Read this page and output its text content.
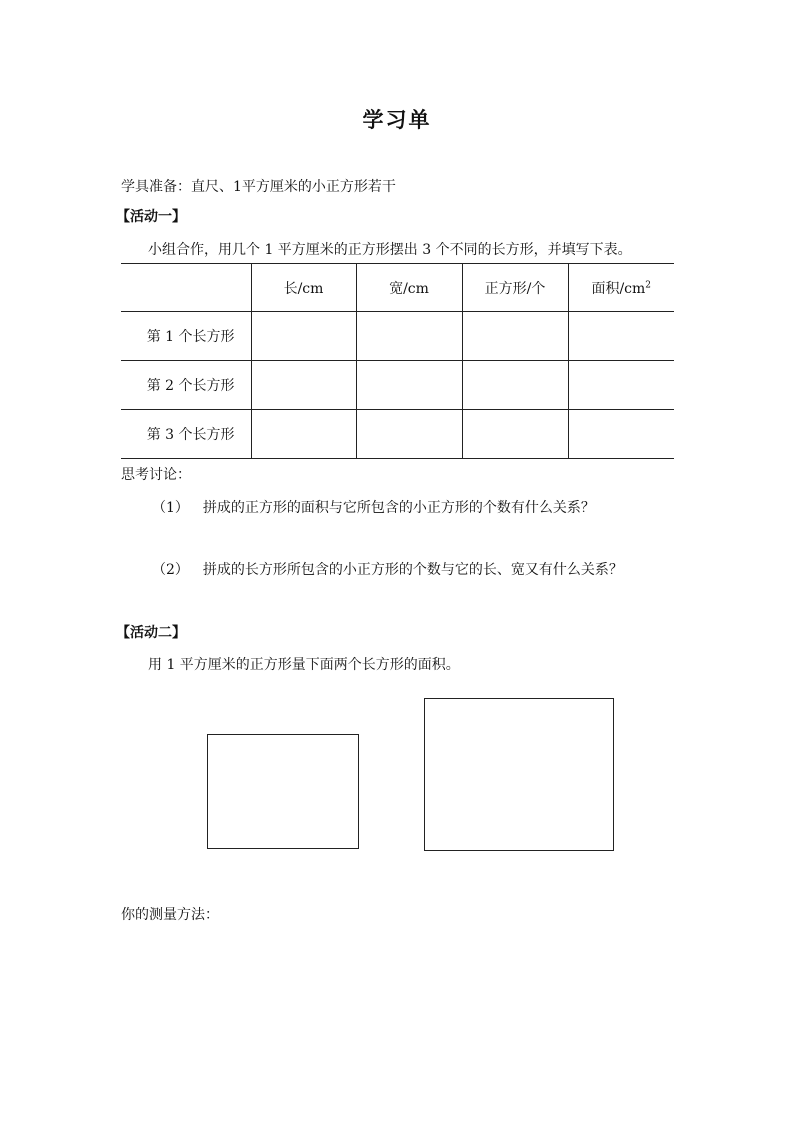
学习单
学具准备：直尺、1平方厘米的小正方形若干
【活动一】
小组合作，用几个 1 平方厘米的正方形摆出 3 个不同的长方形，并填写下表。
	长/cm	宽/cm	正方形/个	面积$/cm^2$
第 1 个长方形				
第 2 个长方形				
第 3 个长方形				
思考讨论：
（1） 拼成的正方形的面积与它所包含的小正方形的个数有什么关系？
（2） 拼成的长方形所包含的小正方形的个数与它的长、宽又有什么关系？
【活动二】
用 1 平方厘米的正方形量下面两个长方形的面积。
你的测量方法：
